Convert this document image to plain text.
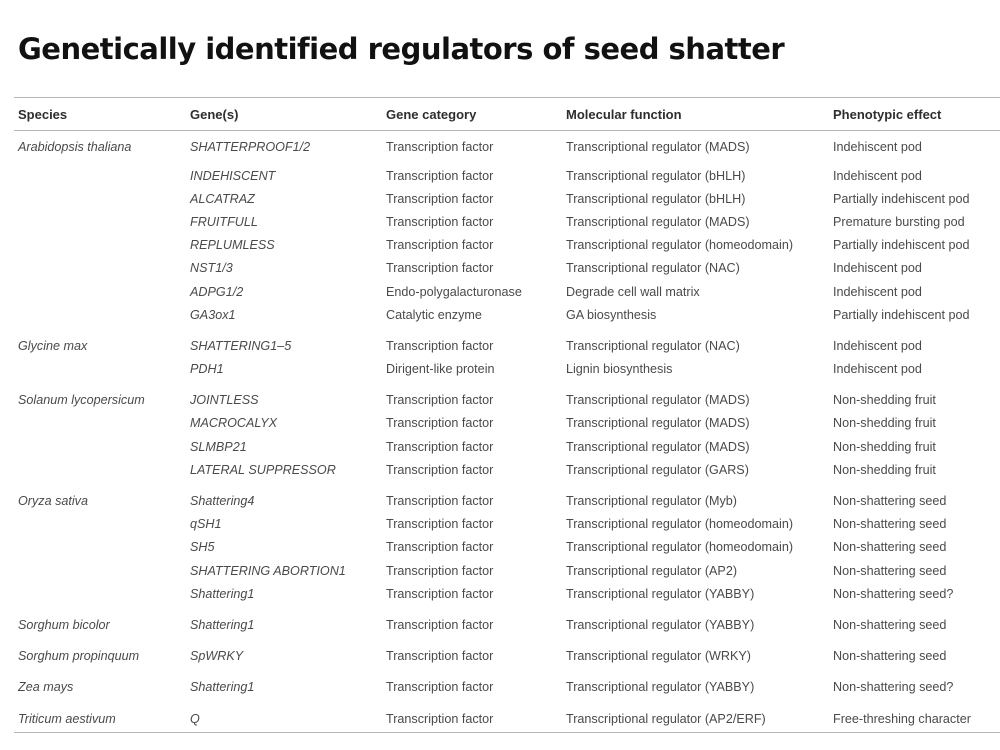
Genetically identified regulators of seed shatter
Species	Gene(s)	Gene category	Molecular function	Phenotypic effect
Arabidopsis thaliana	SHATTERPROOF1/2	Transcription factor	Transcriptional regulator (MADS)	Indehiscent pod
	INDEHISCENT	Transcription factor	Transcriptional regulator (bHLH)	Indehiscent pod
	ALCATRAZ	Transcription factor	Transcriptional regulator (bHLH)	Partially indehiscent pod
	FRUITFULL	Transcription factor	Transcriptional regulator (MADS)	Premature bursting pod
	REPLUMLESS	Transcription factor	Transcriptional regulator (homeodomain)	Partially indehiscent pod
	NST1/3	Transcription factor	Transcriptional regulator (NAC)	Indehiscent pod
	ADPG1/2	Endo-polygalacturonase	Degrade cell wall matrix	Indehiscent pod
	GA3ox1	Catalytic enzyme	GA biosynthesis	Partially indehiscent pod

Glycine max	SHATTERING1–5	Transcription factor	Transcriptional regulator (NAC)	Indehiscent pod
	PDH1	Dirigent-like protein	Lignin biosynthesis	Indehiscent pod

Solanum lycopersicum	JOINTLESS	Transcription factor	Transcriptional regulator (MADS)	Non-shedding fruit
	MACROCALYX	Transcription factor	Transcriptional regulator (MADS)	Non-shedding fruit
	SLMBP21	Transcription factor	Transcriptional regulator (MADS)	Non-shedding fruit
	LATERAL SUPPRESSOR	Transcription factor	Transcriptional regulator (GARS)	Non-shedding fruit

Oryza sativa	Shattering4	Transcription factor	Transcriptional regulator (Myb)	Non-shattering seed
	qSH1	Transcription factor	Transcriptional regulator (homeodomain)	Non-shattering seed
	SH5	Transcription factor	Transcriptional regulator (homeodomain)	Non-shattering seed
	SHATTERING ABORTION1	Transcription factor	Transcriptional regulator (AP2)	Non-shattering seed
	Shattering1	Transcription factor	Transcriptional regulator (YABBY)	Non-shattering seed?

Sorghum bicolor	Shattering1	Transcription factor	Transcriptional regulator (YABBY)	Non-shattering seed

Sorghum propinquum	SpWRKY	Transcription factor	Transcriptional regulator (WRKY)	Non-shattering seed

Zea mays	Shattering1	Transcription factor	Transcriptional regulator (YABBY)	Non-shattering seed?

Triticum aestivum	Q	Transcription factor	Transcriptional regulator (AP2/ERF)	Free-threshing character
